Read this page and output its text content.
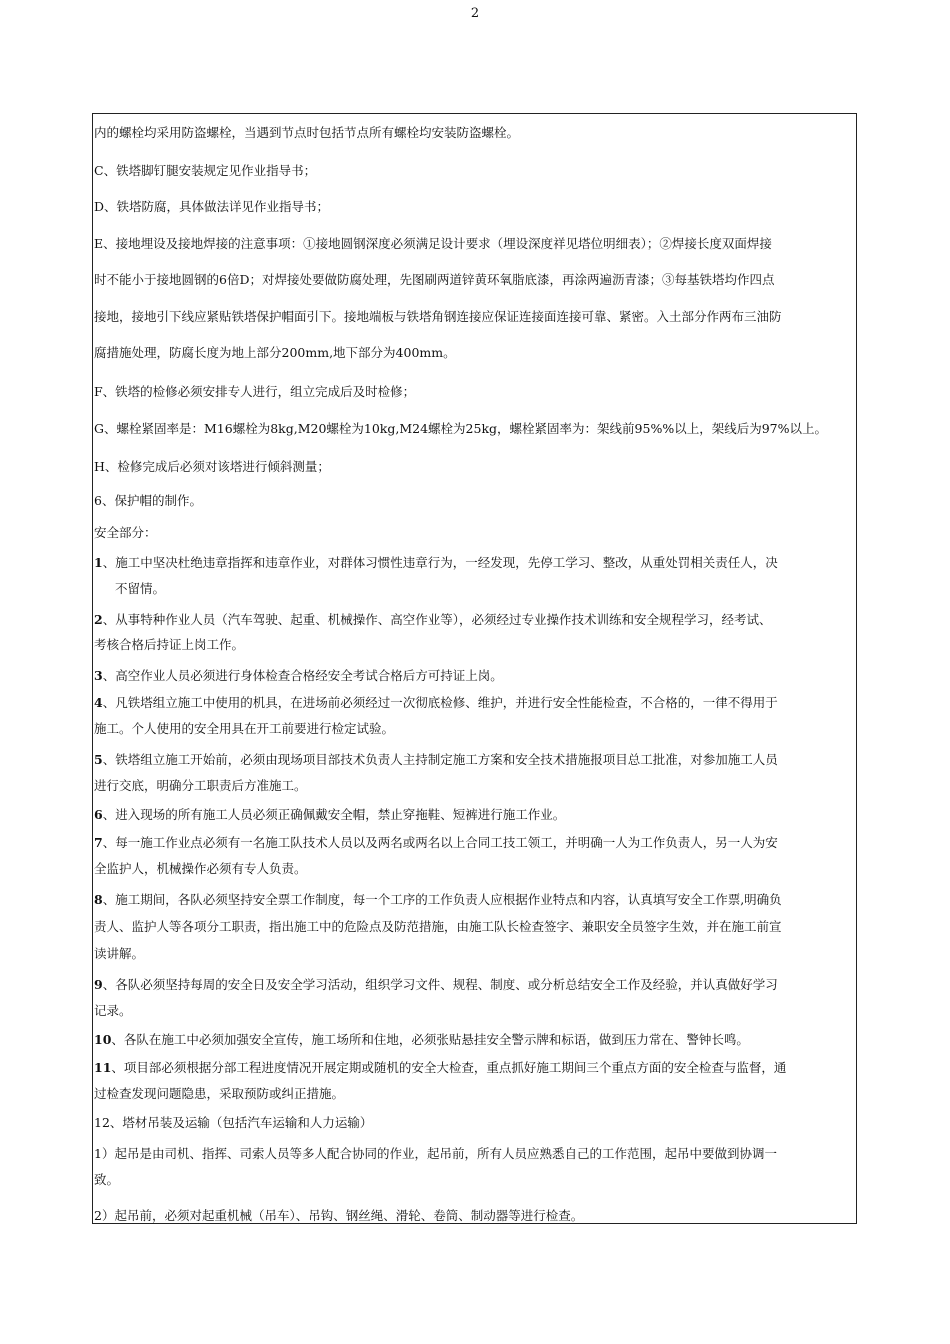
2
内的螺栓均采用防盗螺栓，当遇到节点时包括节点所有螺栓均安装防盗螺栓。
C、铁塔脚钉腿安装规定见作业指导书；
D、铁塔防腐，具体做法详见作业指导书；
E、接地埋设及接地焊接的注意事项：①接地圆钢深度必须满足设计要求（埋设深度祥见塔位明细表）；②焊接长度双面焊接
时不能小于接地圆钢的6倍D；对焊接处要做防腐处理，先图刷两道锌黄环氧脂底漆，再涂两遍沥青漆；③每基铁塔均作四点
接地，接地引下线应紧贴铁塔保护帽面引下。接地端板与铁塔角钢连接应保证连接面连接可靠、紧密。入土部分作两布三油防
腐措施处理，防腐长度为地上部分200mm,地下部分为400mm。
F、铁塔的检修必须安排专人进行，组立完成后及时检修；
G、螺栓紧固率是：M16螺栓为8kg,M20螺栓为10kg,M24螺栓为25kg，螺栓紧固率为：架线前95%%以上，架线后为97%以上。
H、检修完成后必须对该塔进行倾斜测量；
6、保护帽的制作。
安全部分：
1、施工中坚决杜绝违章指挥和违章作业，对群体习惯性违章行为，一经发现，先停工学习、整改，从重处罚相关责任人，决
不留情。
2、从事特种作业人员（汽车驾驶、起重、机械操作、高空作业等），必须经过专业操作技术训练和安全规程学习，经考试、
考核合格后持证上岗工作。
3、高空作业人员必须进行身体检查合格经安全考试合格后方可持证上岗。
4、凡铁塔组立施工中使用的机具，在进场前必须经过一次彻底检修、维护，并进行安全性能检查，不合格的，一律不得用于
施工。个人使用的安全用具在开工前要进行检定试验。
5、铁塔组立施工开始前，必须由现场项目部技术负责人主持制定施工方案和安全技术措施报项目总工批准，对参加施工人员
进行交底，明确分工职责后方准施工。
6、进入现场的所有施工人员必须正确佩戴安全帽，禁止穿拖鞋、短裤进行施工作业。
7、每一施工作业点必须有一名施工队技术人员以及两名或两名以上合同工技工领工，并明确一人为工作负责人，另一人为安
全监护人，机械操作必须有专人负责。
8、施工期间，各队必须坚持安全票工作制度，每一个工序的工作负责人应根据作业特点和内容，认真填写安全工作票,明确负
责人、监护人等各项分工职责，指出施工中的危险点及防范措施，由施工队长检查签字、兼职安全员签字生效，并在施工前宣
读讲解。
9、各队必须坚持每周的安全日及安全学习活动，组织学习文件、规程、制度、或分析总结安全工作及经验，并认真做好学习
记录。
10、各队在施工中必须加强安全宣传，施工场所和住地，必须张贴悬挂安全警示牌和标语，做到压力常在、警钟长鸣。
11、项目部必须根据分部工程进度情况开展定期或随机的安全大检查，重点抓好施工期间三个重点方面的安全检查与监督，通
过检查发现问题隐患，采取预防或纠正措施。
12、塔材吊装及运输（包括汽车运输和人力运输）
1）起吊是由司机、指挥、司索人员等多人配合协同的作业，起吊前，所有人员应熟悉自己的工作范围，起吊中要做到协调一
致。
2）起吊前，必须对起重机械（吊车）、吊钩、钢丝绳、滑轮、卷筒、制动器等进行检查。
